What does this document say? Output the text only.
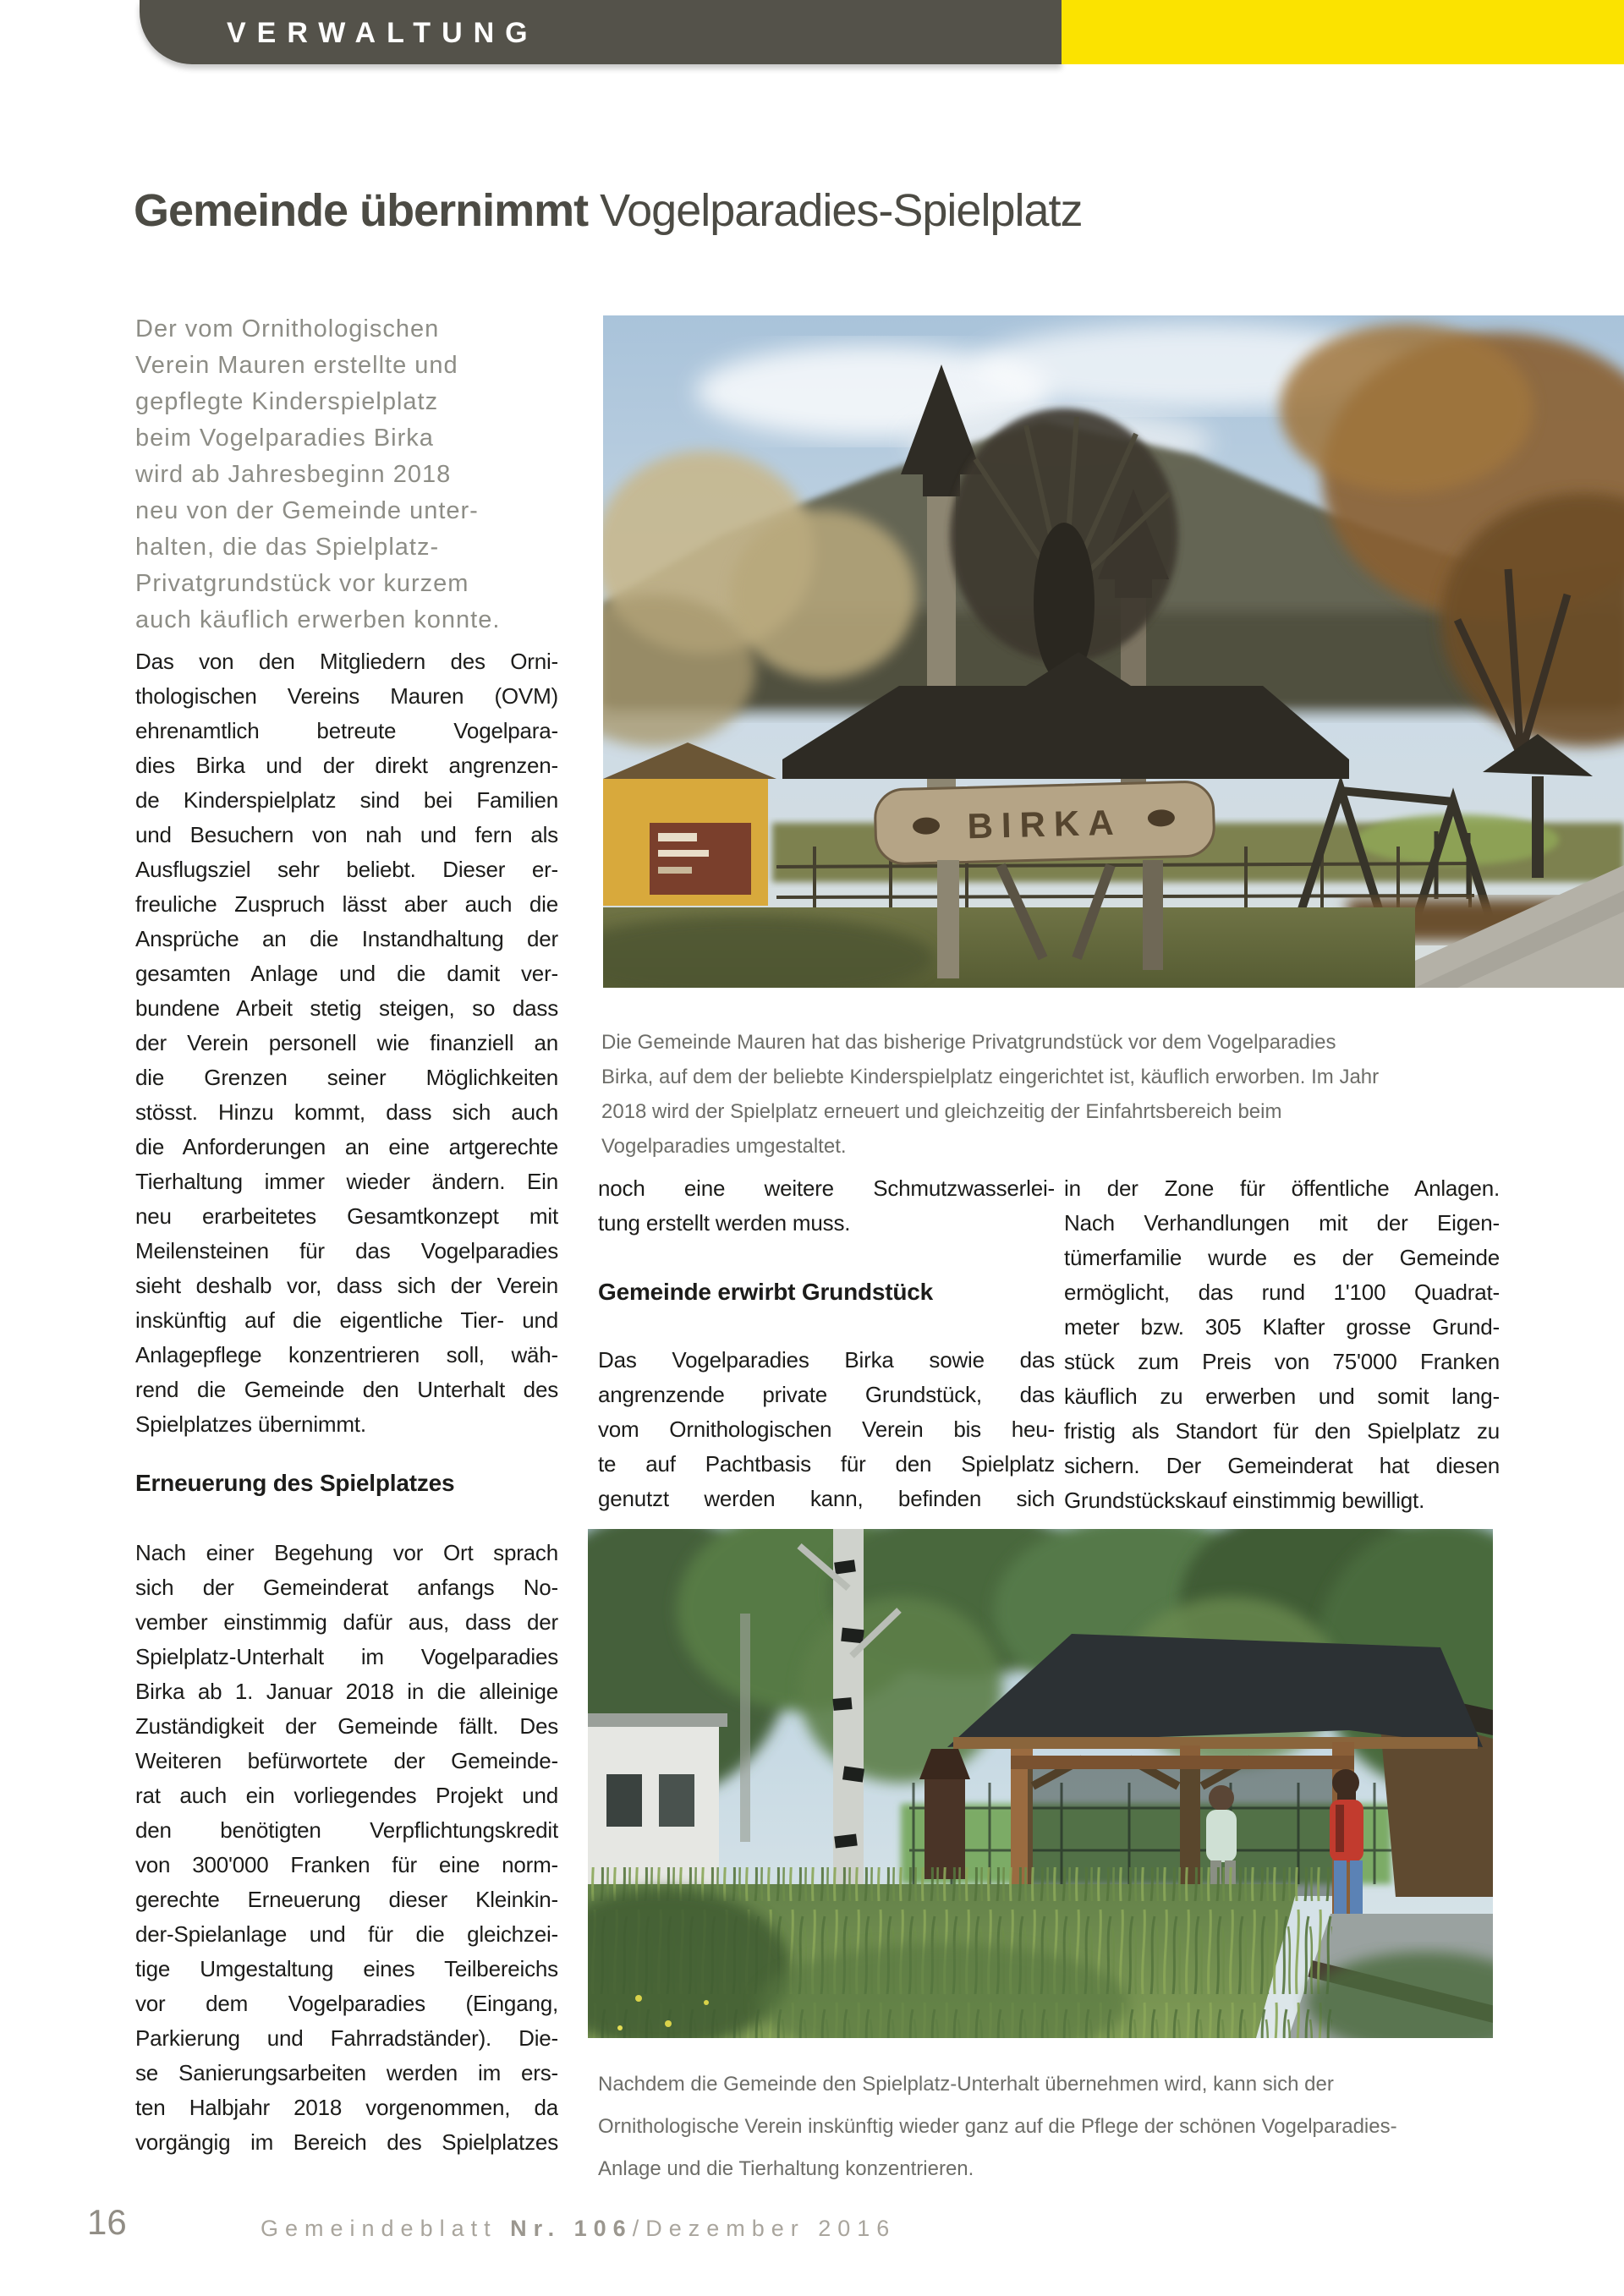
VERWALTUNG
Gemeinde übernimmt Vogelparadies-Spielplatz
Der vom Ornithologischen
Verein Mauren erstellte und
gepflegte Kinderspielplatz
beim Vogelparadies Birka
wird ab Jahresbeginn 2018
neu von der Gemeinde unter-
halten, die das Spielplatz-
Privatgrundstück vor kurzem
auch käuflich erwerben konnte.
Das von den Mitgliedern des Orni-
thologischen Vereins Mauren (OVM)
ehrenamtlich betreute Vogelpara-
dies Birka und der direkt angrenzen-
de Kinderspielplatz sind bei Familien
und Besuchern von nah und fern als
Ausflugsziel sehr beliebt. Dieser er-
freuliche Zuspruch lässt aber auch die
Ansprüche an die Instandhaltung der
gesamten Anlage und die damit ver-
bundene Arbeit stetig steigen, so dass
der Verein personell wie finanziell an
die Grenzen seiner Möglichkeiten
stösst. Hinzu kommt, dass sich auch
die Anforderungen an eine artgerechte
Tierhaltung immer wieder ändern. Ein
neu erarbeitetes Gesamtkonzept mit
Meilensteinen für das Vogelparadies
sieht deshalb vor, dass sich der Verein
inskünftig auf die eigentliche Tier- und
Anlagepflege konzentrieren soll, wäh-
rend die Gemeinde den Unterhalt des
Spielplatzes übernimmt.
Erneuerung des Spielplatzes
Nach einer Begehung vor Ort sprach
sich der Gemeinderat anfangs No-
vember einstimmig dafür aus, dass der
Spielplatz-Unterhalt im Vogelparadies
Birka ab 1. Januar 2018 in die alleinige
Zuständigkeit der Gemeinde fällt. Des
Weiteren befürwortete der Gemeinde-
rat auch ein vorliegendes Projekt und
den benötigten Verpflichtungskredit
von 300'000 Franken für eine norm-
gerechte Erneuerung dieser Kleinkin-
der-Spielanlage und für die gleichzei-
tige Umgestaltung eines Teilbereichs
vor dem Vogelparadies (Eingang,
Parkierung und Fahrradständer). Die-
se Sanierungsarbeiten werden im ers-
ten Halbjahr 2018 vorgenommen, da
vorgängig im Bereich des Spielplatzes
BIRKA
Die Gemeinde Mauren hat das bisherige Privatgrundstück vor dem Vogelparadies
Birka, auf dem der beliebte Kinderspielplatz eingerichtet ist, käuflich erworben. Im Jahr
2018 wird der Spielplatz erneuert und gleichzeitig der Einfahrtsbereich beim
Vogelparadies umgestaltet.
noch eine weitere Schmutzwasserlei-
tung erstellt werden muss.
Gemeinde erwirbt Grundstück
Das Vogelparadies Birka sowie das
angrenzende private Grundstück, das
vom Ornithologischen Verein bis heu-
te auf Pachtbasis für den Spielplatz
genutzt werden kann, befinden sich
in der Zone für öffentliche Anlagen.
Nach Verhandlungen mit der Eigen-
tümerfamilie wurde es der Gemeinde
ermöglicht, das rund 1'100 Quadrat-
meter bzw. 305 Klafter grosse Grund-
stück zum Preis von 75'000 Franken
käuflich zu erwerben und somit lang-
fristig als Standort für den Spielplatz zu
sichern. Der Gemeinderat hat diesen
Grundstückskauf einstimmig bewilligt.
Nachdem die Gemeinde den Spielplatz-Unterhalt übernehmen wird, kann sich der
Ornithologische Verein inskünftig wieder ganz auf die Pflege der schönen Vogelparadies-
Anlage und die Tierhaltung konzentrieren.
16	Gemeindeblatt Nr. 106/Dezember 2016
